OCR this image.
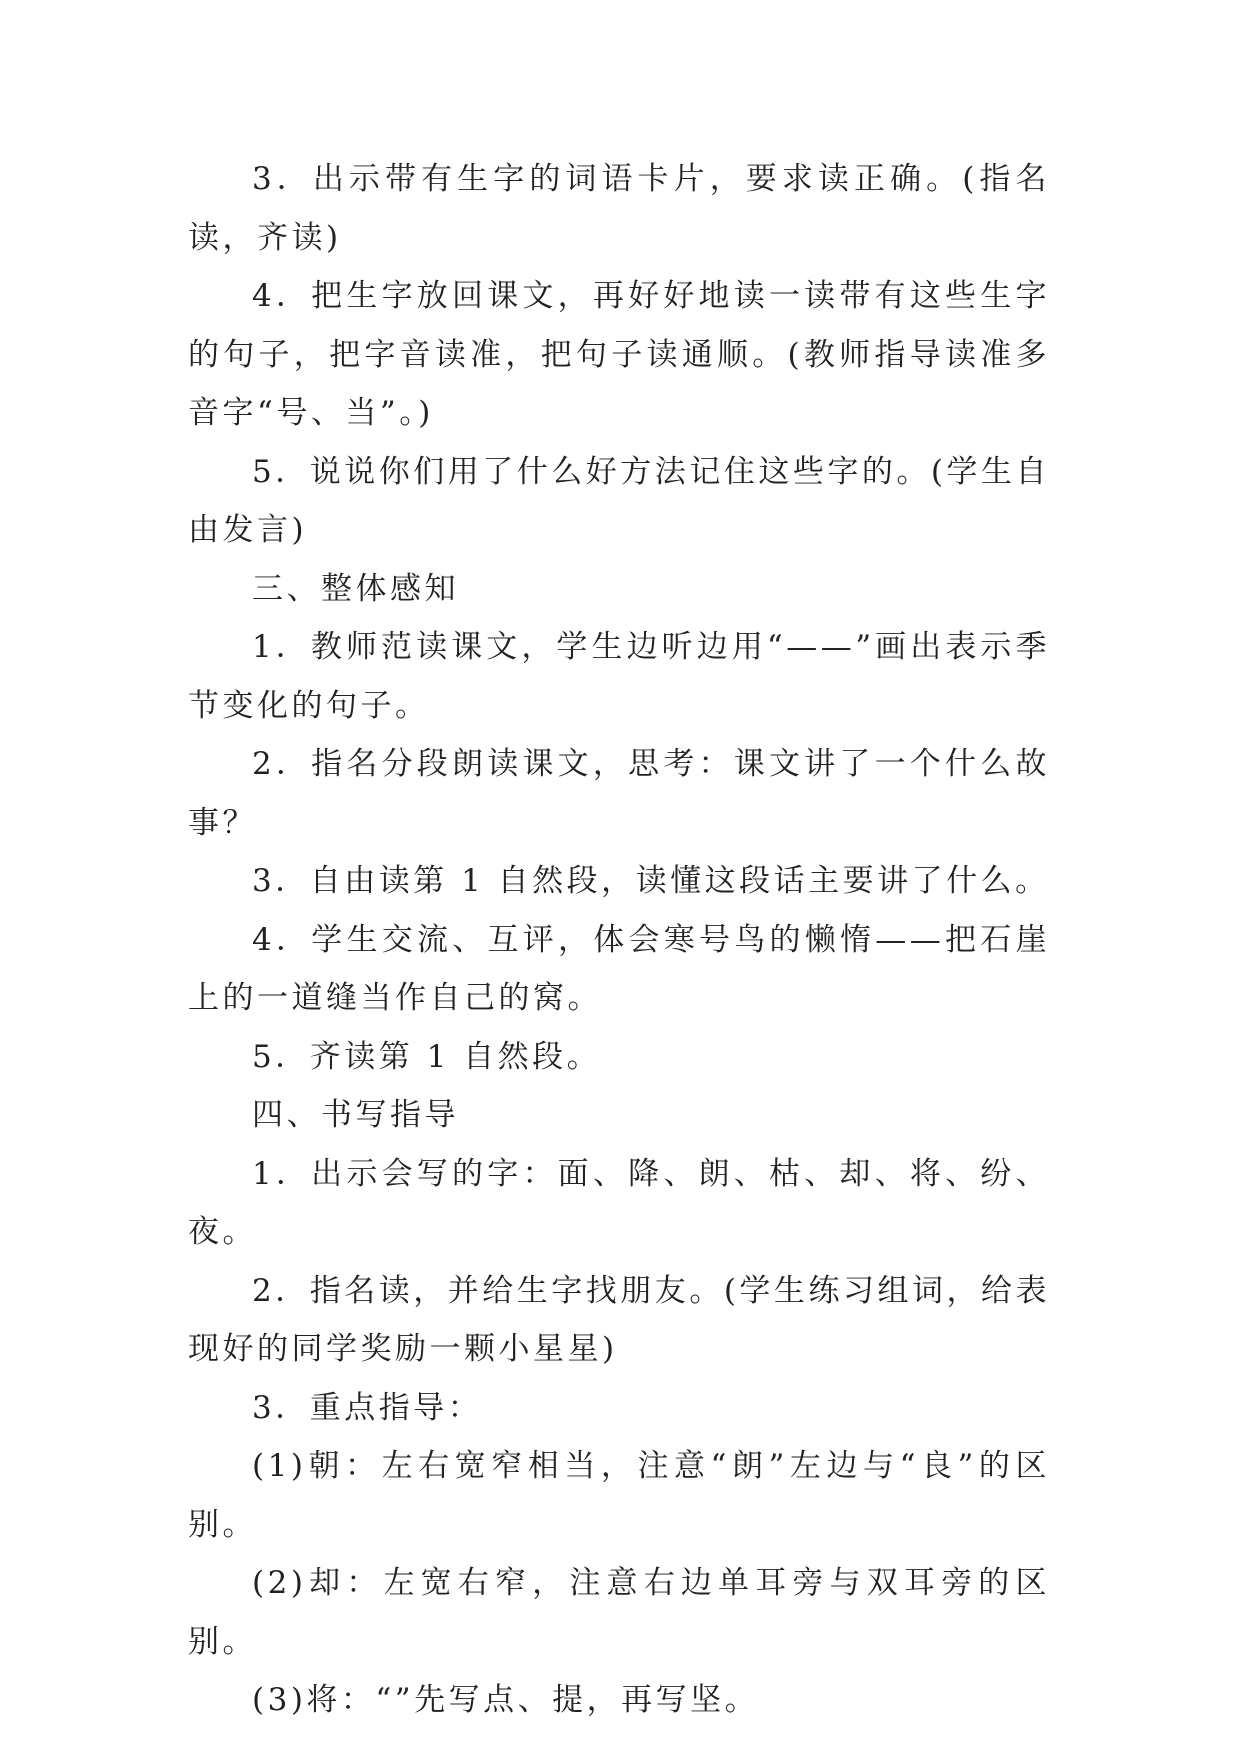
3．出示带有生字的词语卡片，要求读正确。(指名读，齐读)

4．把生字放回课文，再好好地读一读带有这些生字的句子，把字音读准，把句子读通顺。(教师指导读准多音字“号、当”。)

5．说说你们用了什么好方法记住这些字的。(学生自由发言)

三、整体感知

1．教师范读课文，学生边听边用“——”画出表示季节变化的句子。

2．指名分段朗读课文，思考：课文讲了一个什么故事？

3．自由读第 1 自然段，读懂这段话主要讲了什么。

4．学生交流、互评，体会寒号鸟的懒惰——把石崖上的一道缝当作自己的窝。

5．齐读第 1 自然段。

四、书写指导

1．出示会写的字：面、降、朗、枯、却、将、纷、夜。

2．指名读，并给生字找朋友。(学生练习组词，给表现好的同学奖励一颗小星星)

3．重点指导：

(1)朝：左右宽窄相当，注意“朗”左边与“良”的区别。

(2)却：左宽右窄，注意右边单耳旁与双耳旁的区别。

(3)将：“”先写点、提，再写坚。
